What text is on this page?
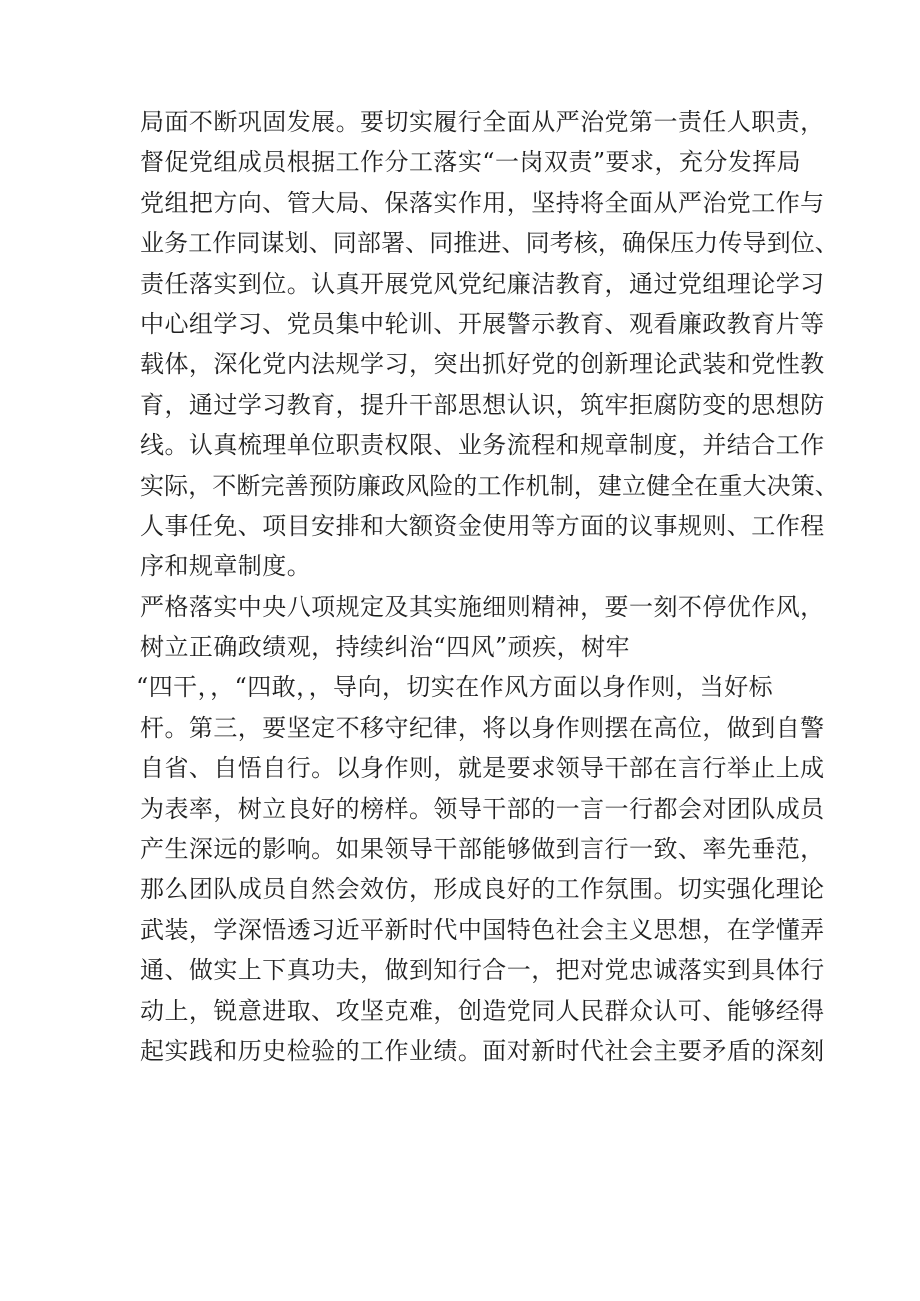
局面不断巩固发展。要切实履行全面从严治党第一责任人职责，
督促党组成员根据工作分工落实“一岗双责”要求，充分发挥局
党组把方向、管大局、保落实作用，坚持将全面从严治党工作与
业务工作同谋划、同部署、同推进、同考核，确保压力传导到位、
责任落实到位。认真开展党风党纪廉洁教育，通过党组理论学习
中心组学习、党员集中轮训、开展警示教育、观看廉政教育片等
载体，深化党内法规学习，突出抓好党的创新理论武装和党性教
育，通过学习教育，提升干部思想认识，筑牢拒腐防变的思想防
线。认真梳理单位职责权限、业务流程和规章制度，并结合工作
实际，不断完善预防廉政风险的工作机制，建立健全在重大决策、
人事任免、项目安排和大额资金使用等方面的议事规则、工作程
序和规章制度。
严格落实中央八项规定及其实施细则精神，要一刻不停优作风，
树立正确政绩观，持续纠治“四风”顽疾，树牢
“四干，，“四敢，，导向，切实在作风方面以身作则，当好标
杆。第三，要坚定不移守纪律，将以身作则摆在高位，做到自警
自省、自悟自行。以身作则，就是要求领导干部在言行举止上成
为表率，树立良好的榜样。领导干部的一言一行都会对团队成员
产生深远的影响。如果领导干部能够做到言行一致、率先垂范，
那么团队成员自然会效仿，形成良好的工作氛围。切实强化理论
武装，学深悟透习近平新时代中国特色社会主义思想，在学懂弄
通、做实上下真功夫，做到知行合一，把对党忠诚落实到具体行
动上，锐意进取、攻坚克难，创造党同人民群众认可、能够经得
起实践和历史检验的工作业绩。面对新时代社会主要矛盾的深刻
